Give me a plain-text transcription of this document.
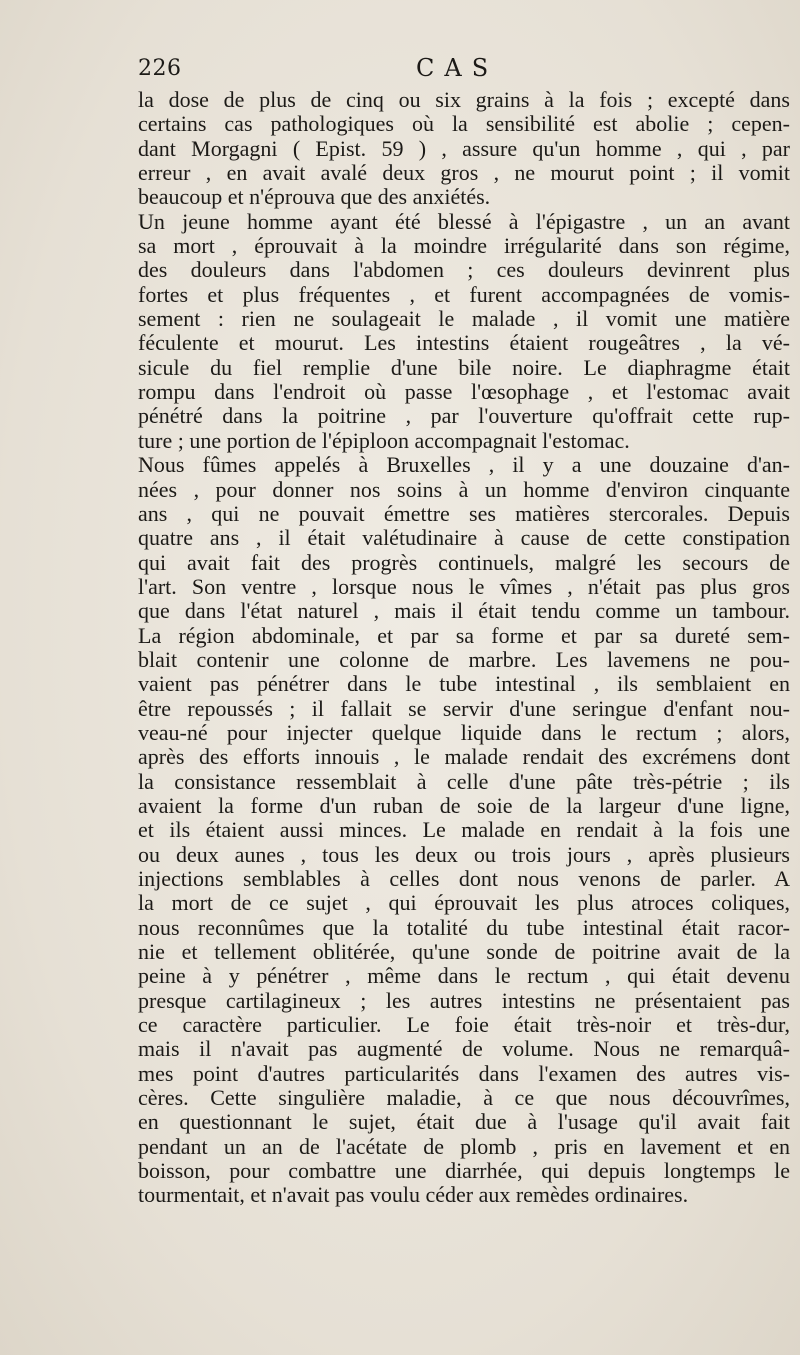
226	CAS
la dose de plus de cinq ou six grains à la fois ; excepté dans
certains cas pathologiques où la sensibilité est abolie ; cepen-
dant Morgagni ( Epist. 59 ) , assure qu'un homme , qui , par
erreur , en avait avalé deux gros , ne mourut point ; il vomit
beaucoup et n'éprouva que des anxiétés.
Un jeune homme ayant été blessé à l'épigastre , un an avant
sa mort , éprouvait à la moindre irrégularité dans son régime,
des douleurs dans l'abdomen ; ces douleurs devinrent plus
fortes et plus fréquentes , et furent accompagnées de vomis-
sement : rien ne soulageait le malade , il vomit une matière
féculente et mourut. Les intestins étaient rougeâtres , la vé-
sicule du fiel remplie d'une bile noire. Le diaphragme était
rompu dans l'endroit où passe l'œsophage , et l'estomac avait
pénétré dans la poitrine , par l'ouverture qu'offrait cette rup-
ture ; une portion de l'épiploon accompagnait l'estomac.
Nous fûmes appelés à Bruxelles , il y a une douzaine d'an-
nées , pour donner nos soins à un homme d'environ cinquante
ans , qui ne pouvait émettre ses matières stercorales. Depuis
quatre ans , il était valétudinaire à cause de cette constipation
qui avait fait des progrès continuels, malgré les secours de
l'art. Son ventre , lorsque nous le vîmes , n'était pas plus gros
que dans l'état naturel , mais il était tendu comme un tambour.
La région abdominale, et par sa forme et par sa dureté sem-
blait contenir une colonne de marbre. Les lavemens ne pou-
vaient pas pénétrer dans le tube intestinal , ils semblaient en
être repoussés ; il fallait se servir d'une seringue d'enfant nou-
veau-né pour injecter quelque liquide dans le rectum ; alors,
après des efforts innouis , le malade rendait des excrémens dont
la consistance ressemblait à celle d'une pâte très-pétrie ; ils
avaient la forme d'un ruban de soie de la largeur d'une ligne,
et ils étaient aussi minces. Le malade en rendait à la fois une
ou deux aunes , tous les deux ou trois jours , après plusieurs
injections semblables à celles dont nous venons de parler. A
la mort de ce sujet , qui éprouvait les plus atroces coliques,
nous reconnûmes que la totalité du tube intestinal était racor-
nie et tellement oblitérée, qu'une sonde de poitrine avait de la
peine à y pénétrer , même dans le rectum , qui était devenu
presque cartilagineux ; les autres intestins ne présentaient pas
ce caractère particulier. Le foie était très-noir et très-dur,
mais il n'avait pas augmenté de volume. Nous ne remarquâ-
mes point d'autres particularités dans l'examen des autres vis-
cères. Cette singulière maladie, à ce que nous découvrîmes,
en questionnant le sujet, était due à l'usage qu'il avait fait
pendant un an de l'acétate de plomb , pris en lavement et en
boisson, pour combattre une diarrhée, qui depuis longtemps le
tourmentait, et n'avait pas voulu céder aux remèdes ordinaires.
